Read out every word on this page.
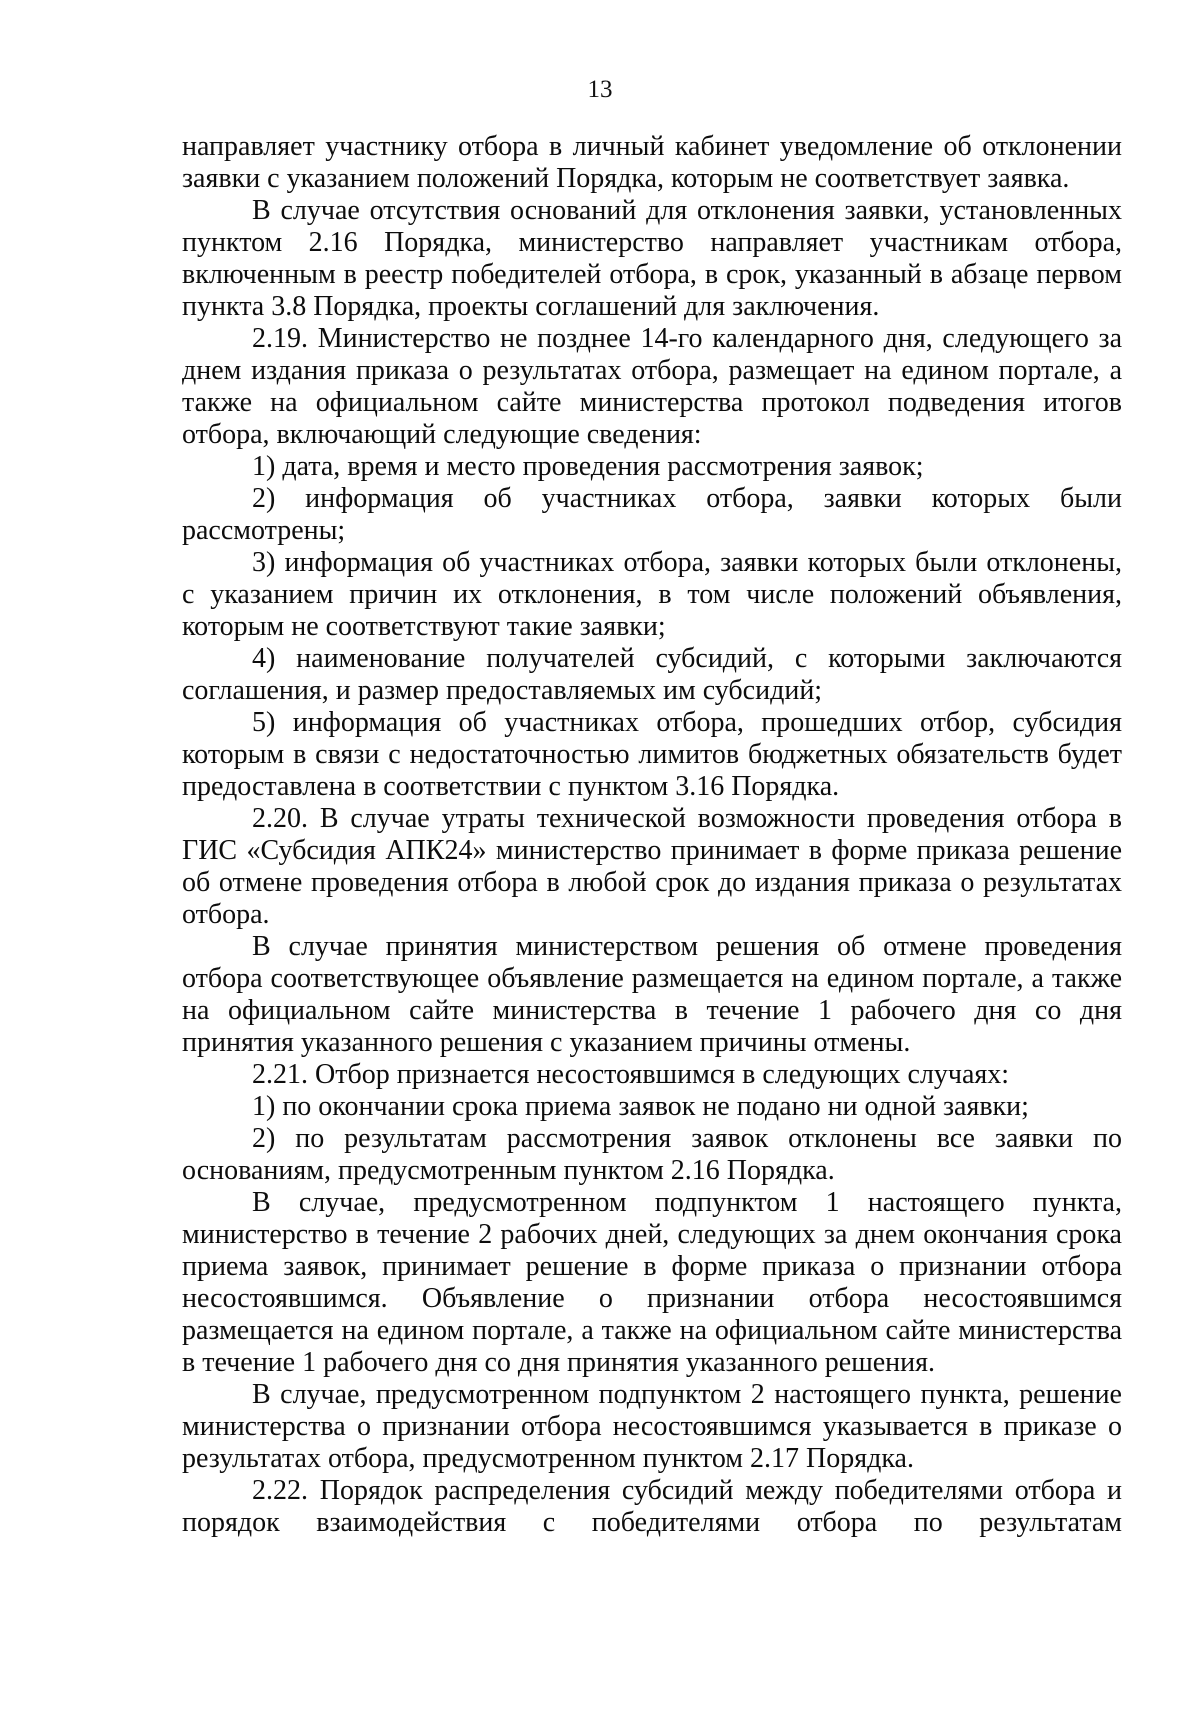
13

направляет участнику отбора в личный кабинет уведомление об отклонении заявки с указанием положений Порядка, которым не соответствует заявка.

В случае отсутствия оснований для отклонения заявки, установленных пунктом 2.16 Порядка, министерство направляет участникам отбора, включенным в реестр победителей отбора, в срок, указанный в абзаце первом пункта 3.8 Порядка, проекты соглашений для заключения.

2.19. Министерство не позднее 14-го календарного дня, следующего за днем издания приказа о результатах отбора, размещает на едином портале, а также на официальном сайте министерства протокол подведения итогов отбора, включающий следующие сведения:

1) дата, время и место проведения рассмотрения заявок;

2) информация об участниках отбора, заявки которых были рассмотрены;

3) информация об участниках отбора, заявки которых были отклонены, с указанием причин их отклонения, в том числе положений объявления, которым не соответствуют такие заявки;

4) наименование получателей субсидий, с которыми заключаются соглашения, и размер предоставляемых им субсидий;

5) информация об участниках отбора, прошедших отбор, субсидия которым в связи с недостаточностью лимитов бюджетных обязательств будет предоставлена в соответствии с пунктом 3.16 Порядка.

2.20. В случае утраты технической возможности проведения отбора в ГИС «Субсидия АПК24» министерство принимает в форме приказа решение об отмене проведения отбора в любой срок до издания приказа о результатах отбора.

В случае принятия министерством решения об отмене проведения отбора соответствующее объявление размещается на едином портале, а также на официальном сайте министерства в течение 1 рабочего дня со дня принятия указанного решения с указанием причины отмены.

2.21. Отбор признается несостоявшимся в следующих случаях:

1) по окончании срока приема заявок не подано ни одной заявки;

2) по результатам рассмотрения заявок отклонены все заявки по основаниям, предусмотренным пунктом 2.16 Порядка.

В случае, предусмотренном подпунктом 1 настоящего пункта, министерство в течение 2 рабочих дней, следующих за днем окончания срока приема заявок, принимает решение в форме приказа о признании отбора несостоявшимся. Объявление о признании отбора несостоявшимся размещается на едином портале, а также на официальном сайте министерства в течение 1 рабочего дня со дня принятия указанного решения.

В случае, предусмотренном подпунктом 2 настоящего пункта, решение министерства о признании отбора несостоявшимся указывается в приказе о результатах отбора, предусмотренном пунктом 2.17 Порядка.

2.22. Порядок распределения субсидий между победителями отбора и порядок взаимодействия с победителями отбора по результатам
